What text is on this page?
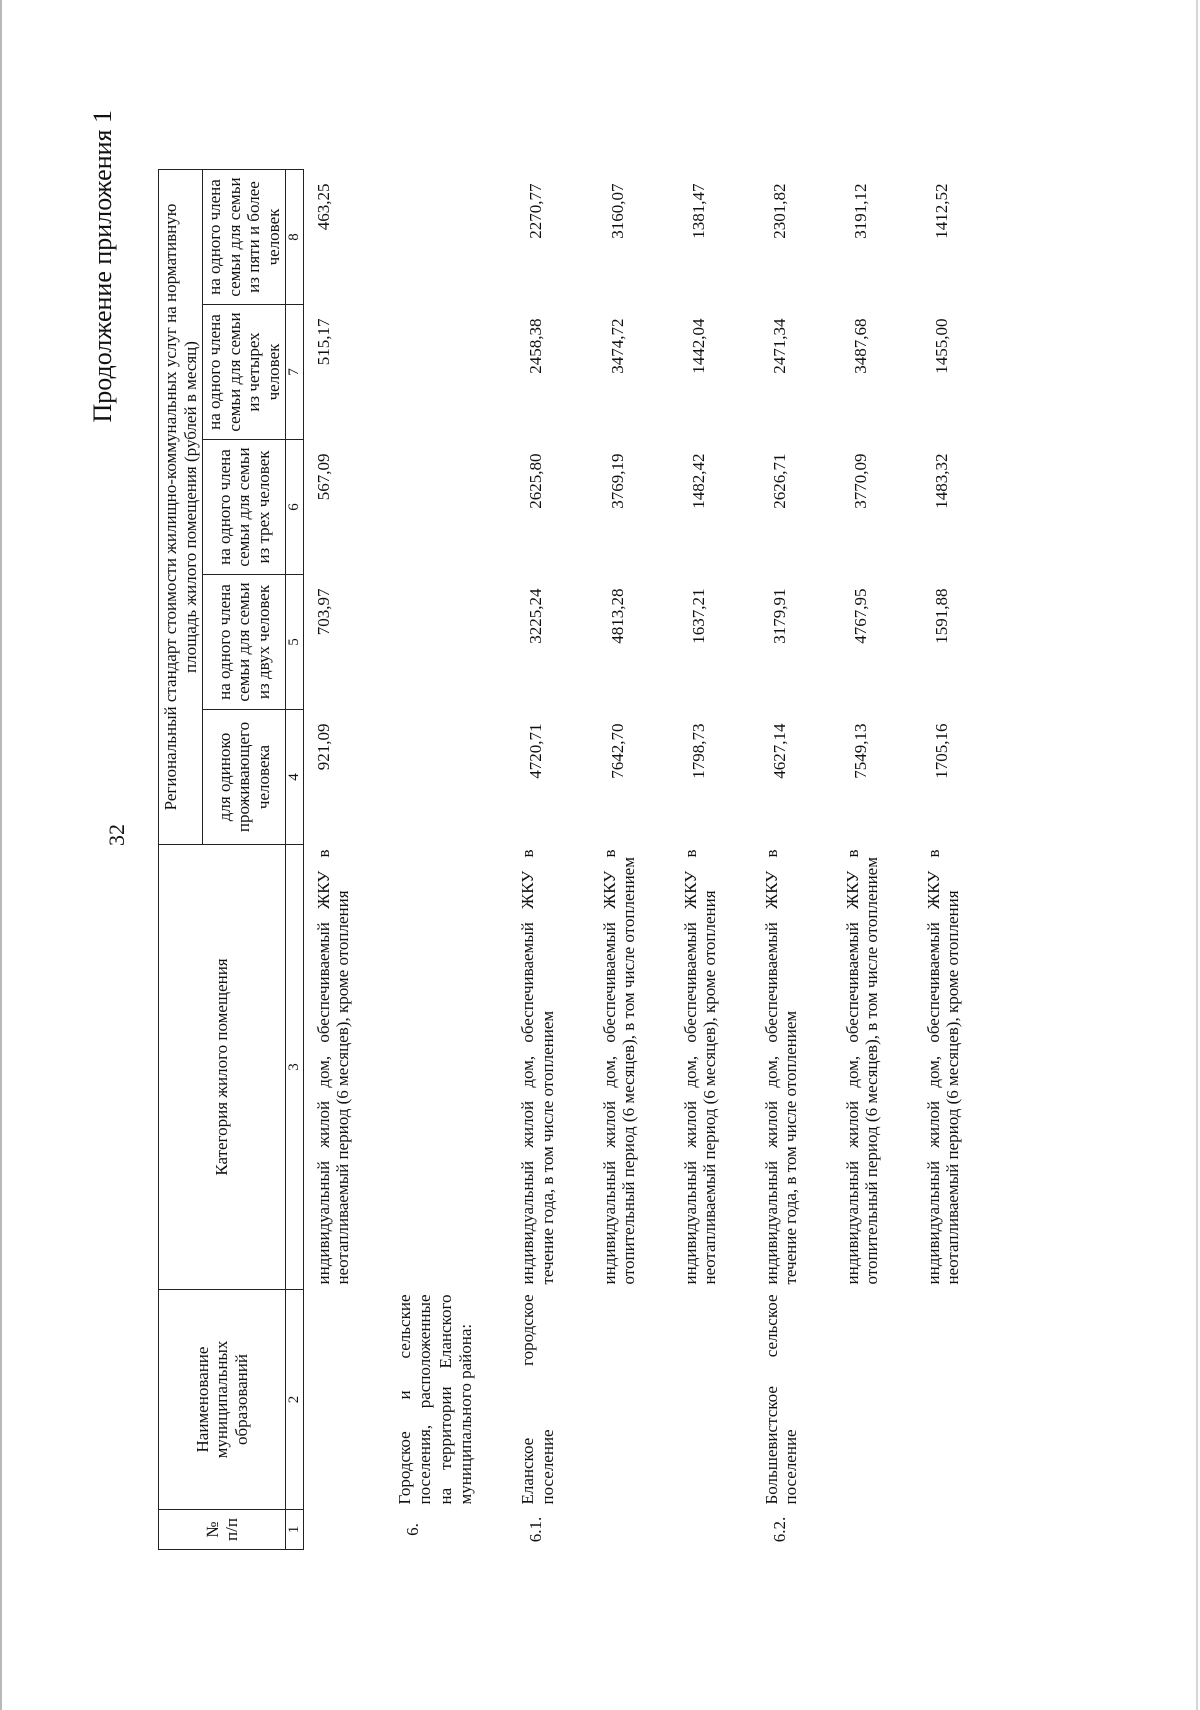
32
Продолжение приложения 1
№ п/п	Наименование муниципальных образований	Категория жилого помещения	Региональный стандарт стоимости жилищно-коммунальных услуг на нормативную площадь жилого помещения (рублей в месяц)				
			для одиноко проживающего человека	на одного члена семьи для семьи из двух человек	на одного члена семьи для семьи из трех человек	на одного члена семьи для семьи из четырех человек	на одного члена семьи для семьи из пяти и более человек
1	2	3	4	5	6	7	8
		индивидуальный жилой дом, обеспечиваемый ЖКУ в неотапливаемый период (6 месяцев), кроме отопления	921,09	703,97	567,09	515,17	463,25

6.	Городское и сельские поселения, расположенные на территории Еланского муниципального района:						

6.1.	Еланское городское поселение	индивидуальный жилой дом, обеспечиваемый ЖКУ в течение года, в том числе отоплением	4720,71	3225,24	2625,80	2458,38	2270,77

		индивидуальный жилой дом, обеспечиваемый ЖКУ в отопительный период (6 месяцев), в том числе отоплением	7642,70	4813,28	3769,19	3474,72	3160,07

		индивидуальный жилой дом, обеспечиваемый ЖКУ в неотапливаемый период (6 месяцев), кроме отопления	1798,73	1637,21	1482,42	1442,04	1381,47

6.2.	Большевистское сельское поселение	индивидуальный жилой дом, обеспечиваемый ЖКУ в течение года, в том числе отоплением	4627,14	3179,91	2626,71	2471,34	2301,82

		индивидуальный жилой дом, обеспечиваемый ЖКУ в отопительный период (6 месяцев), в том числе отоплением	7549,13	4767,95	3770,09	3487,68	3191,12

		индивидуальный жилой дом, обеспечиваемый ЖКУ в неотапливаемый период (6 месяцев), кроме отопления	1705,16	1591,88	1483,32	1455,00	1412,52
